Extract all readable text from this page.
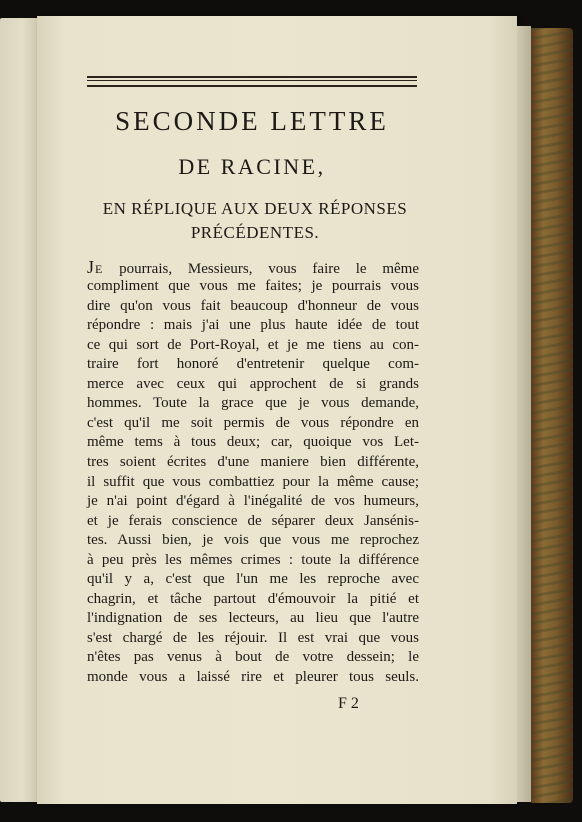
SECONDE LETTRE
DE RACINE,
EN RÉPLIQUE AUX DEUX RÉPONSES
PRÉCÉDENTES.
JE pourrais, Messieurs, vous faire le même
compliment que vous me faites; je pourrais vous
dire qu'on vous fait beaucoup d'honneur de vous
répondre : mais j'ai une plus haute idée de tout
ce qui sort de Port-Royal, et je me tiens au con-
traire fort honoré d'entretenir quelque com-
merce avec ceux qui approchent de si grands
hommes. Toute la grace que je vous demande,
c'est qu'il me soit permis de vous répondre en
même tems à tous deux; car, quoique vos Let-
tres soient écrites d'une maniere bien différente,
il suffit que vous combattiez pour la même cause;
je n'ai point d'égard à l'inégalité de vos humeurs,
et je ferais conscience de séparer deux Jansénis-
tes. Aussi bien, je vois que vous me reprochez
à peu près les mêmes crimes : toute la différence
qu'il y a, c'est que l'un me les reproche avec
chagrin, et tâche partout d'émouvoir la pitié et
l'indignation de ses lecteurs, au lieu que l'autre
s'est chargé de les réjouir. Il est vrai que vous
n'êtes pas venus à bout de votre dessein; le
monde vous a laissé rire et pleurer tous seuls.
F 2
